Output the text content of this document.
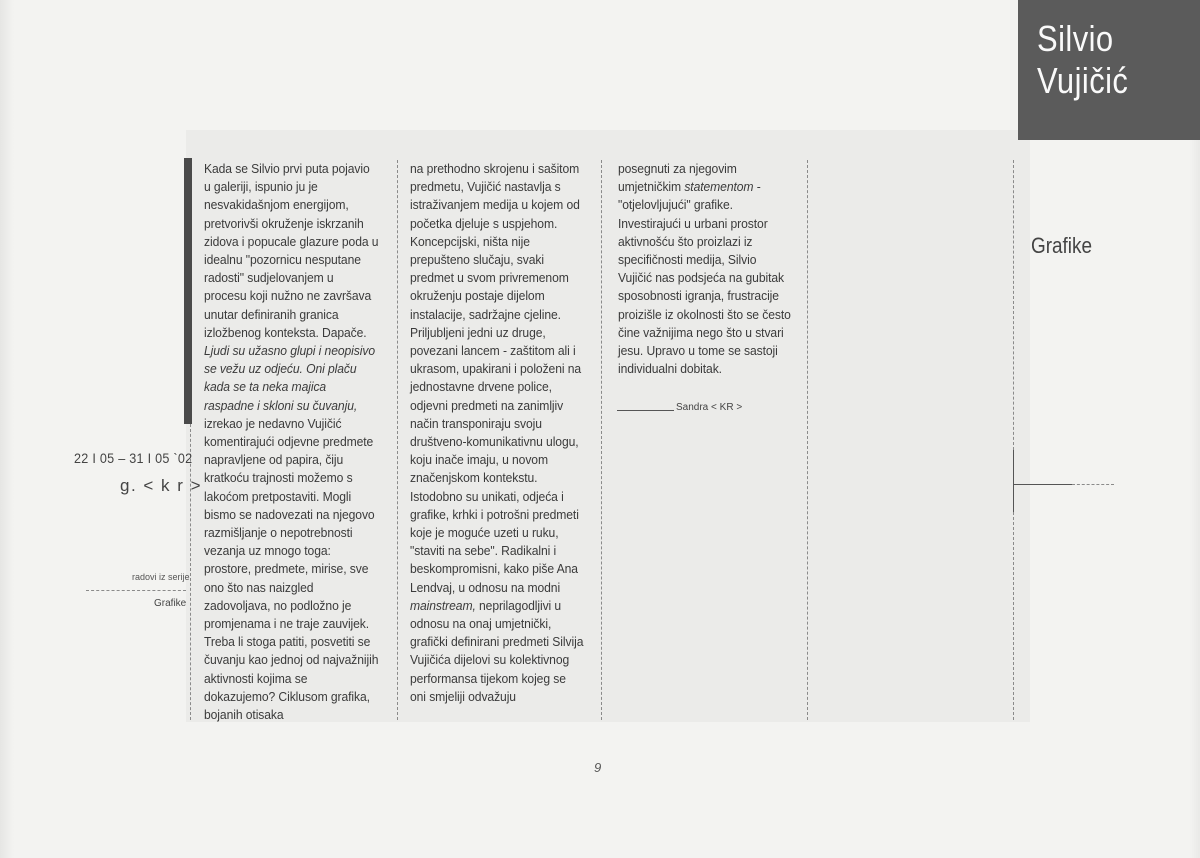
Silvio
Vujičić
Grafike

Kada se Silvio prvi puta pojavio u galeriji, ispunio ju je nesvakidašnjom energijom, pretvorivši okruženje iskrzanih zidova i popucale glazure poda u idealnu "pozornicu nesputane radosti" sudjelovanjem u procesu koji nužno ne završava unutar definiranih granica izložbenog konteksta. Dapače.
Ljudi su užasno glupi i neopisivo se vežu uz odjeću. Oni plaču kada se ta neka majica raspadne i skloni su čuvanju,
izrekao je nedavno Vujičić komentirajući odjevne predmete napravljene od papira, čiju kratkoću trajnosti možemo s lakoćom pretpostaviti. Mogli bismo se nadovezati na njegovo razmišljanje o nepotrebnosti vezanja uz mnogo toga: prostore, predmete, mirise, sve ono što nas naizgled zadovoljava, no podložno je promjenama i ne traje zauvijek. Treba li stoga patiti, posvetiti se čuvanju kao jednoj od najvažnijih aktivnosti kojima se dokazujemo? Ciklusom grafika, bojanih otisaka

na prethodno skrojenu i sašitom predmetu, Vujičić nastavlja s istraživanjem medija u kojem od početka djeluje s uspjehom. Koncepcijski, ništa nije prepušteno slučaju, svaki predmet u svom privremenom okruženju postaje dijelom instalacije, sadržajne cjeline. Priljubljeni jedni uz druge, povezani lancem - zaštitom ali i ukrasom, upakirani i položeni na jednostavne drvene police, odjevni predmeti na zanimljiv način transponiraju svoju društveno-komunikativnu ulogu, koju inače imaju, u novom značenjskom kontekstu. Istodobno su unikati, odjeća i grafike, krhki i potrošni predmeti koje je moguće uzeti u ruku, "staviti na sebe". Radikalni i beskompromisni, kako piše Ana Lendvaj, u odnosu na modni mainstream, neprilagodljivi u odnosu na onaj umjetnički, grafički definirani predmeti Silvija Vujičića dijelovi su kolektivnog performansa tijekom kojeg se oni smjeliji odvažuju

posegnuti za njegovim umjetničkim statementom - "otjelovljujući" grafike. Investirajući u urbani prostor aktivnošću što proizlazi iz specifičnosti medija, Silvio Vujičić nas podsjeća na gubitak sposobnosti igranja, frustracije proizišle iz okolnosti što se često čine važnijima nego što u stvari jesu. Upravo u tome se sastoji individualni dobitak.

Sandra < KR >
22 I 05 – 31 I 05 `02
g. < k r >
radovi iz serije
Grafike
9
